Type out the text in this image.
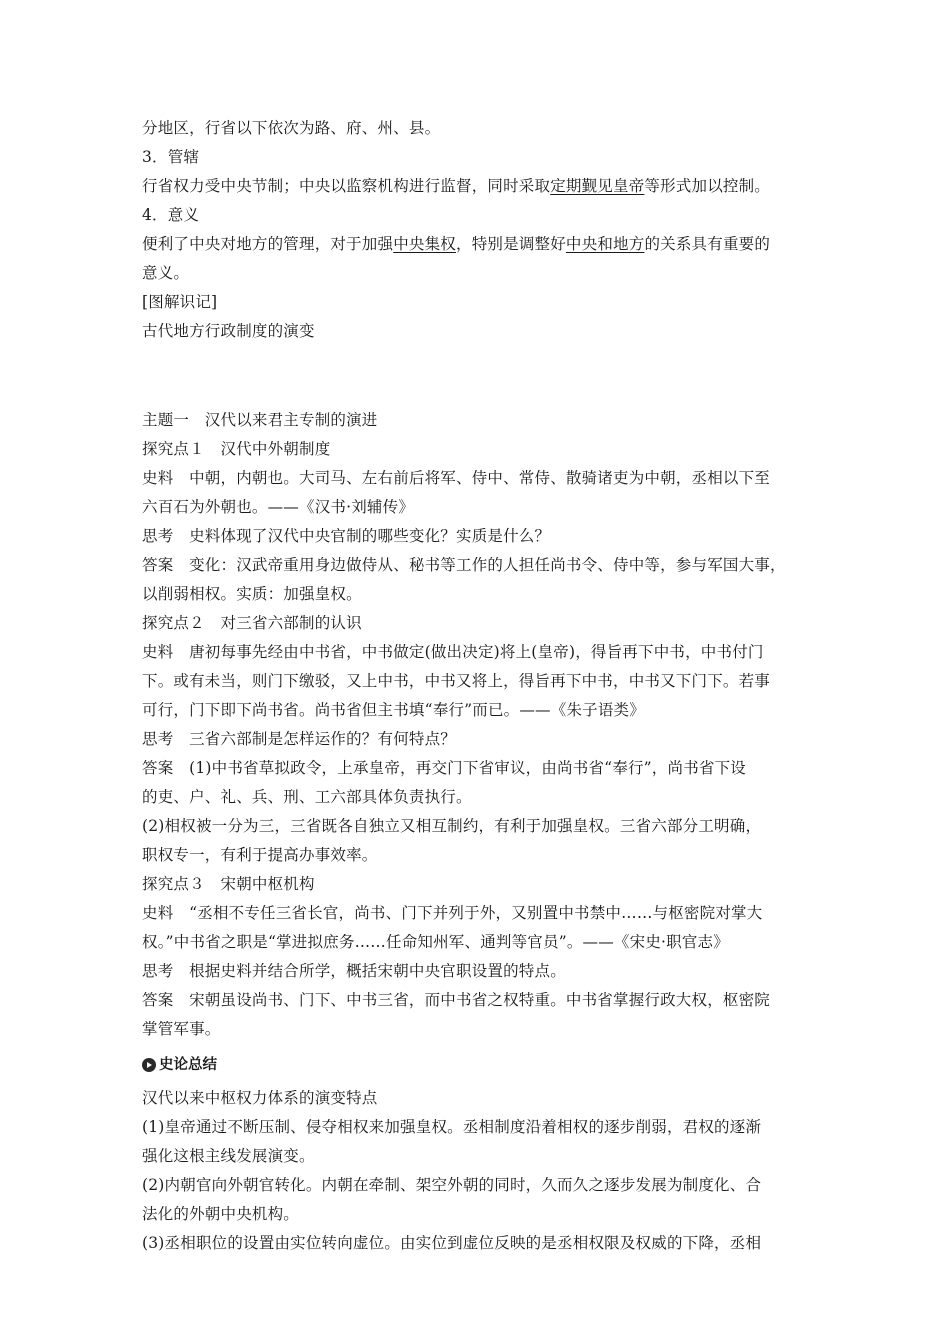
分地区，行省以下依次为路、府、州、县。
3．管辖
行省权力受中央节制；中央以监察机构进行监督，同时采取定期觐见皇帝等形式加以控制。
4．意义
便利了中央对地方的管理，对于加强中央集权，特别是调整好中央和地方的关系具有重要的
意义。
[图解识记]
古代地方行政制度的演变
主题一　汉代以来君主专制的演进
探究点１　汉代中外朝制度
史料　中朝，内朝也。大司马、左右前后将军、侍中、常侍、散骑诸吏为中朝，丞相以下至
六百石为外朝也。——《汉书·刘辅传》
思考　史料体现了汉代中央官制的哪些变化？实质是什么？
答案　变化：汉武帝重用身边做侍从、秘书等工作的人担任尚书令、侍中等，参与军国大事，
以削弱相权。实质：加强皇权。
探究点２　对三省六部制的认识
史料　唐初每事先经由中书省，中书做定(做出决定)将上(皇帝)，得旨再下中书，中书付门
下。或有未当，则门下缴驳，又上中书，中书又将上，得旨再下中书，中书又下门下。若事
可行，门下即下尚书省。尚书省但主书填“奉行”而已。——《朱子语类》
思考　三省六部制是怎样运作的？有何特点？
答案　(1)中书省草拟政令，上承皇帝，再交门下省审议，由尚书省“奉行”，尚书省下设
的吏、户、礼、兵、刑、工六部具体负责执行。
(2)相权被一分为三，三省既各自独立又相互制约，有利于加强皇权。三省六部分工明确，
职权专一，有利于提高办事效率。
探究点３　宋朝中枢机构
史料　“丞相不专任三省长官，尚书、门下并列于外，又别置中书禁中……与枢密院对掌大
权。”中书省之职是“掌进拟庶务……任命知州军、通判等官员”。——《宋史·职官志》
思考　根据史料并结合所学，概括宋朝中央官职设置的特点。
答案　宋朝虽设尚书、门下、中书三省，而中书省之权特重。中书省掌握行政大权，枢密院
掌管军事。
史论总结
汉代以来中枢权力体系的演变特点
(1)皇帝通过不断压制、侵夺相权来加强皇权。丞相制度沿着相权的逐步削弱，君权的逐渐
强化这根主线发展演变。
(2)内朝官向外朝官转化。内朝在牵制、架空外朝的同时，久而久之逐步发展为制度化、合
法化的外朝中央机构。
(3)丞相职位的设置由实位转向虚位。由实位到虚位反映的是丞相权限及权威的下降，丞相
